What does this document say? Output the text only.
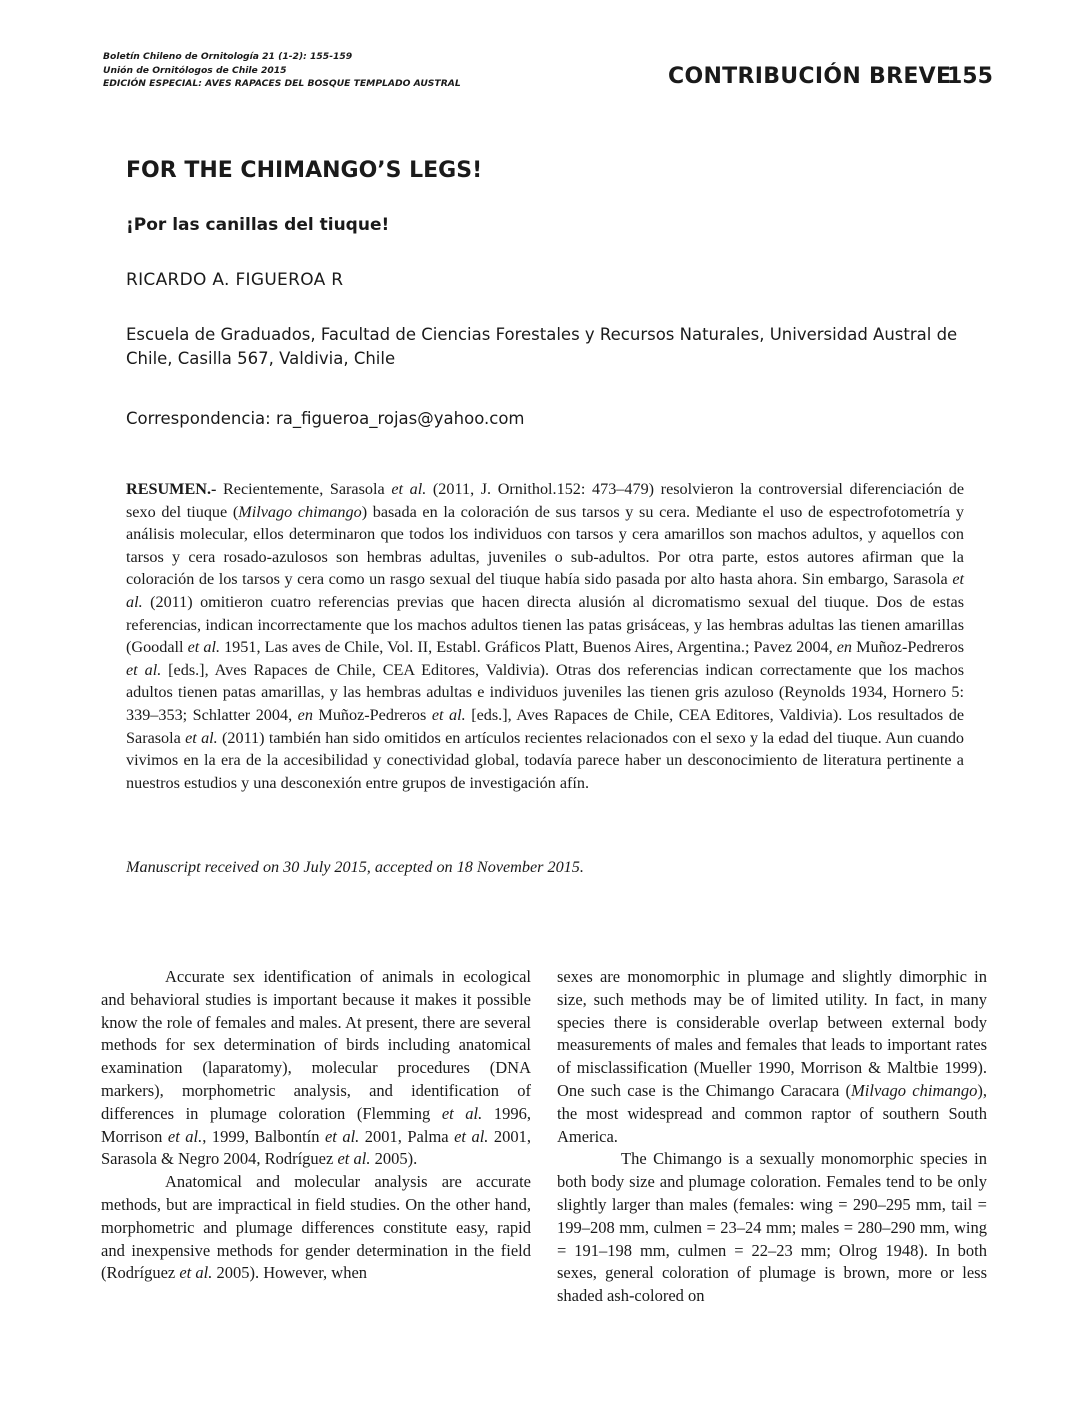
Boletín Chileno de Ornitología 21 (1-2): 155-159
Unión de Ornitólogos de Chile 2015
EDICIÓN ESPECIAL: AVES RAPACES DEL BOSQUE TEMPLADO AUSTRAL	CONTRIBUCIÓN BREVE
155
FOR THE CHIMANGO’S LEGS!
¡Por las canillas del tiuque!
RICARDO A. FIGUEROA R
Escuela de Graduados, Facultad de Ciencias Forestales y Recursos Naturales, Universidad Austral de Chile, Casilla 567, Valdivia, Chile
Correspondencia: ra_figueroa_rojas@yahoo.com
RESUMEN.- Recientemente, Sarasola et al. (2011, J. Ornithol.152: 473–479) resolvieron la controversial diferenciación de sexo del tiuque (Milvago chimango) basada en la coloración de sus tarsos y su cera. Mediante el uso de espectrofotometría y análisis molecular, ellos determinaron que todos los individuos con tarsos y cera amarillos son machos adultos, y aquellos con tarsos y cera rosado-azulosos son hembras adultas, juveniles o sub-adultos. Por otra parte, estos autores afirman que la coloración de los tarsos y cera como un rasgo sexual del tiuque había sido pasada por alto hasta ahora. Sin embargo, Sarasola et al. (2011) omitieron cuatro referencias previas que hacen directa alusión al dicromatismo sexual del tiuque. Dos de estas referencias, indican incorrectamente que los machos adultos tienen las patas grisáceas, y las hembras adultas las tienen amarillas (Goodall et al. 1951, Las aves de Chile, Vol. II, Establ. Gráficos Platt, Buenos Aires, Argentina.; Pavez 2004, en Muñoz-Pedreros et al. [eds.], Aves Rapaces de Chile, CEA Editores, Valdivia). Otras dos referencias indican correctamente que los machos adultos tienen patas amarillas, y las hembras adultas e individuos juveniles las tienen gris azuloso (Reynolds 1934, Hornero 5: 339–353; Schlatter 2004, en Muñoz-Pedreros et al. [eds.], Aves Rapaces de Chile, CEA Editores, Valdivia). Los resultados de Sarasola et al. (2011) también han sido omitidos en artículos recientes relacionados con el sexo y la edad del tiuque. Aun cuando vivimos en la era de la accesibilidad y conectividad global, todavía parece haber un desconocimiento de literatura pertinente a nuestros estudios y una desconexión entre grupos de investigación afín.
Manuscript received on 30 July 2015, accepted on 18 November 2015.

Accurate sex identification of animals in ecological and behavioral studies is important because it makes it possible know the role of females and males. At present, there are several methods for sex determination of birds including anatomical examination (laparatomy), molecular procedures (DNA markers), morphometric analysis, and identification of differences in plumage coloration (Flemming et al. 1996, Morrison et al., 1999, Balbontín et al. 2001, Palma et al. 2001, Sarasola & Negro 2004, Rodríguez et al. 2005).

Anatomical and molecular analysis are accurate methods, but are impractical in field studies. On the other hand, morphometric and plumage differences constitute easy, rapid and inexpensive methods for gender determination in the field (Rodríguez et al. 2005). However, when

sexes are monomorphic in plumage and slightly dimorphic in size, such methods may be of limited utility. In fact, in many species there is considerable overlap between external body measurements of males and females that leads to important rates of misclassification (Mueller 1990, Morrison & Maltbie 1999). One such case is the Chimango Caracara (Milvago chimango), the most widespread and common raptor of southern South America.

The Chimango is a sexually monomorphic species in both body size and plumage coloration. Females tend to be only slightly larger than males (females: wing = 290–295 mm, tail = 199–208 mm, culmen = 23–24 mm; males = 280–290 mm, wing = 191–198 mm, culmen = 22–23 mm; Olrog 1948). In both sexes, general coloration of plumage is brown, more or less shaded ash-colored on
